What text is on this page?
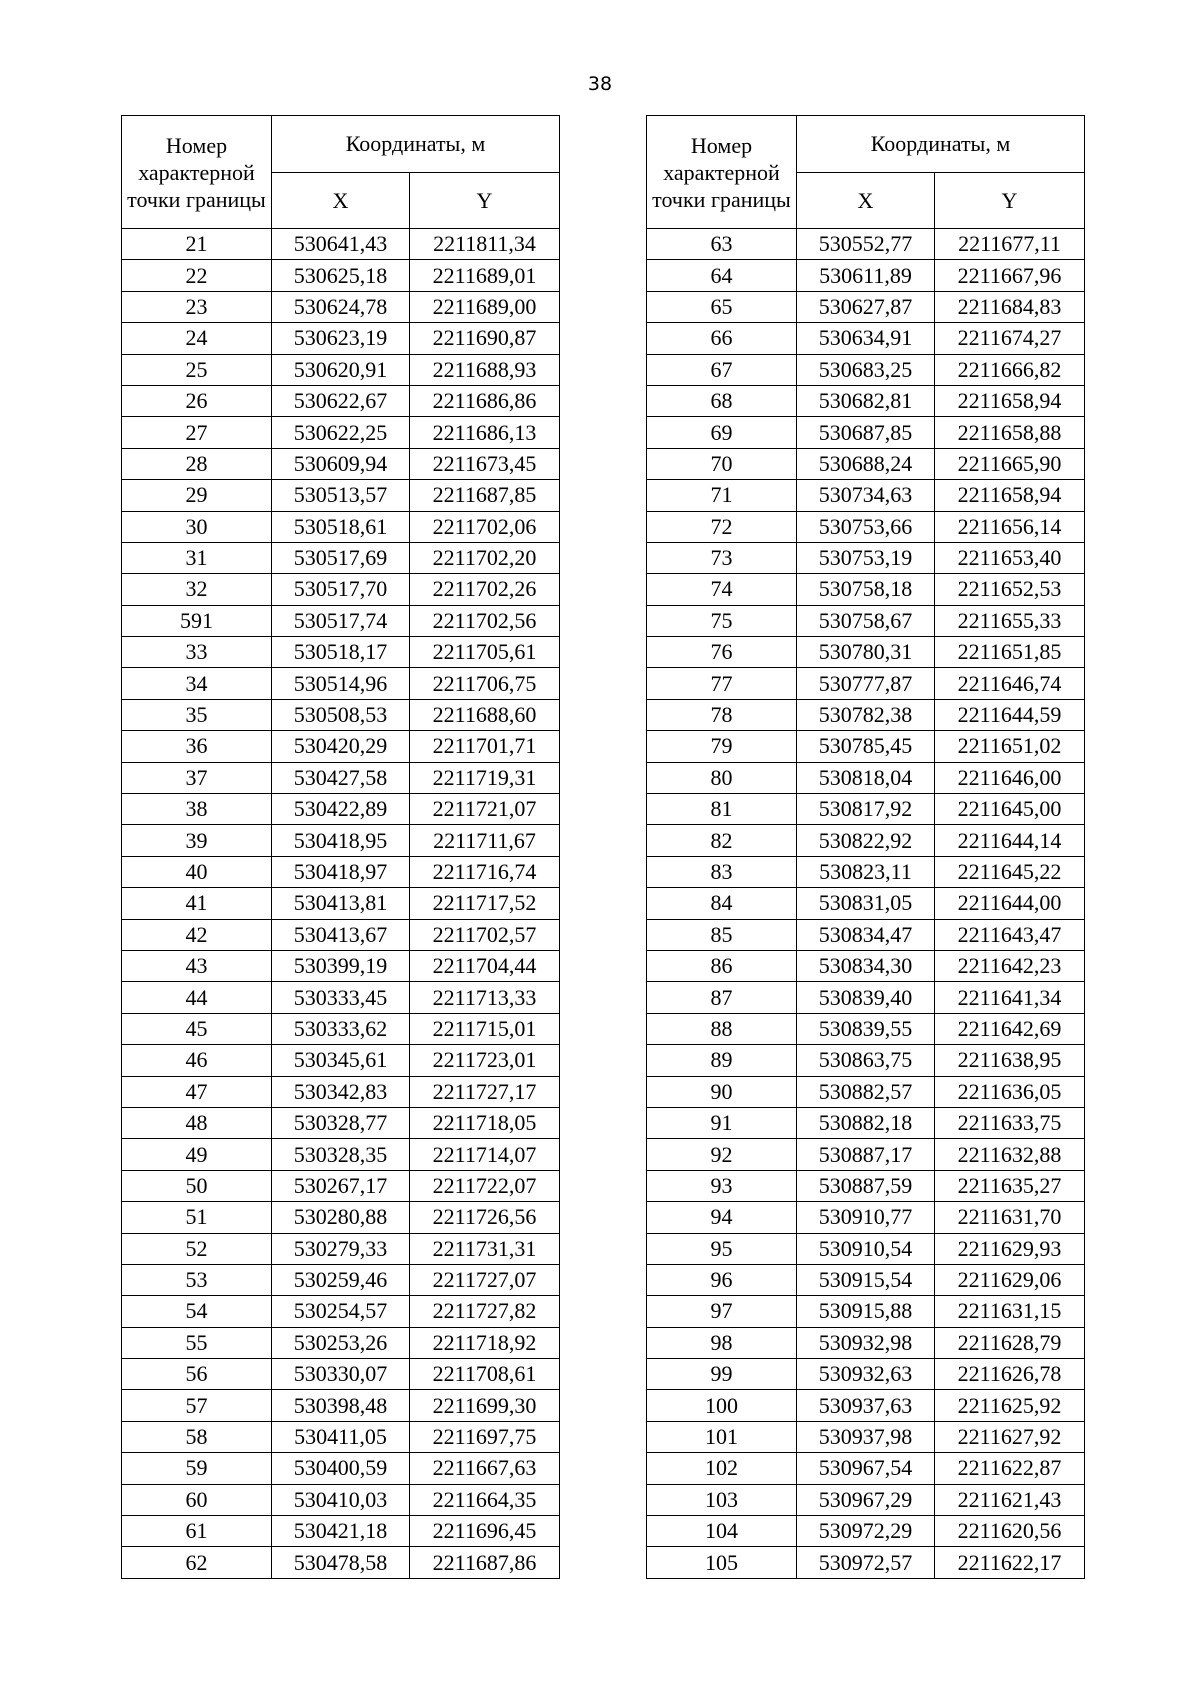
38
Номер характерной точки границы	Координаты, м	
	X	Y
21	530641,43	2211811,34
22	530625,18	2211689,01
23	530624,78	2211689,00
24	530623,19	2211690,87
25	530620,91	2211688,93
26	530622,67	2211686,86
27	530622,25	2211686,13
28	530609,94	2211673,45
29	530513,57	2211687,85
30	530518,61	2211702,06
31	530517,69	2211702,20
32	530517,70	2211702,26
591	530517,74	2211702,56
33	530518,17	2211705,61
34	530514,96	2211706,75
35	530508,53	2211688,60
36	530420,29	2211701,71
37	530427,58	2211719,31
38	530422,89	2211721,07
39	530418,95	2211711,67
40	530418,97	2211716,74
41	530413,81	2211717,52
42	530413,67	2211702,57
43	530399,19	2211704,44
44	530333,45	2211713,33
45	530333,62	2211715,01
46	530345,61	2211723,01
47	530342,83	2211727,17
48	530328,77	2211718,05
49	530328,35	2211714,07
50	530267,17	2211722,07
51	530280,88	2211726,56
52	530279,33	2211731,31
53	530259,46	2211727,07
54	530254,57	2211727,82
55	530253,26	2211718,92
56	530330,07	2211708,61
57	530398,48	2211699,30
58	530411,05	2211697,75
59	530400,59	2211667,63
60	530410,03	2211664,35
61	530421,18	2211696,45
62	530478,58	2211687,86
Номер характерной точки границы	Координаты, м	
	X	Y
63	530552,77	2211677,11
64	530611,89	2211667,96
65	530627,87	2211684,83
66	530634,91	2211674,27
67	530683,25	2211666,82
68	530682,81	2211658,94
69	530687,85	2211658,88
70	530688,24	2211665,90
71	530734,63	2211658,94
72	530753,66	2211656,14
73	530753,19	2211653,40
74	530758,18	2211652,53
75	530758,67	2211655,33
76	530780,31	2211651,85
77	530777,87	2211646,74
78	530782,38	2211644,59
79	530785,45	2211651,02
80	530818,04	2211646,00
81	530817,92	2211645,00
82	530822,92	2211644,14
83	530823,11	2211645,22
84	530831,05	2211644,00
85	530834,47	2211643,47
86	530834,30	2211642,23
87	530839,40	2211641,34
88	530839,55	2211642,69
89	530863,75	2211638,95
90	530882,57	2211636,05
91	530882,18	2211633,75
92	530887,17	2211632,88
93	530887,59	2211635,27
94	530910,77	2211631,70
95	530910,54	2211629,93
96	530915,54	2211629,06
97	530915,88	2211631,15
98	530932,98	2211628,79
99	530932,63	2211626,78
100	530937,63	2211625,92
101	530937,98	2211627,92
102	530967,54	2211622,87
103	530967,29	2211621,43
104	530972,29	2211620,56
105	530972,57	2211622,17
